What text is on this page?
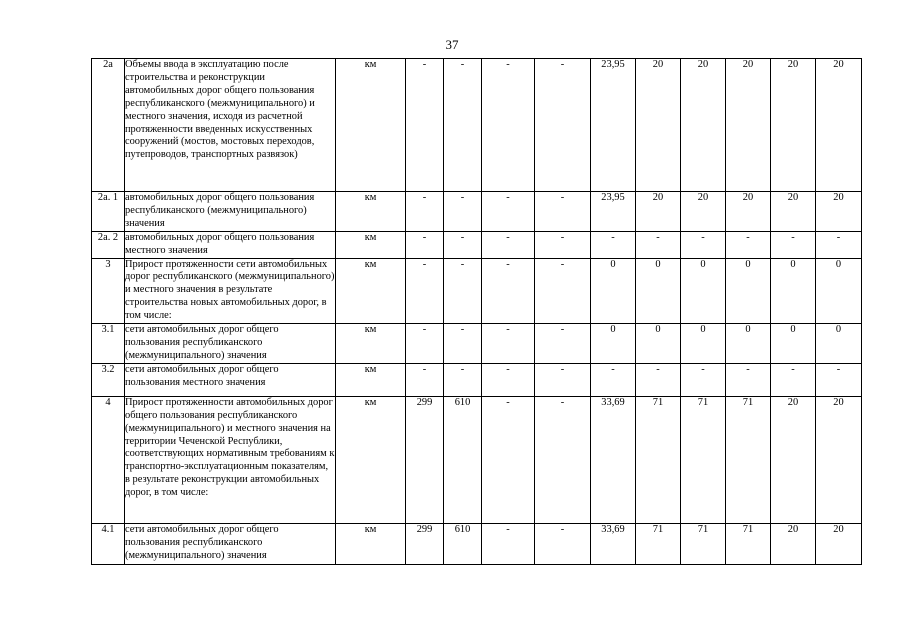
37
2а	Объемы ввода в эксплуатацию после строительства и реконструкции автомобильных дорог общего пользования республиканского (межмуниципального) и местного значения, исходя из расчетной протяженности введенных искусственных сооружений (мостов, мостовых переходов, путепроводов, транспортных развязок)	км	-	-	-	-	23,95	20	20	20	20	20
2а. 1	автомобильных дорог общего пользования республиканского (межмуниципального) значения	км	-	-	-	-	23,95	20	20	20	20	20
2а. 2	автомобильных дорог общего пользования местного значения	км	-	-	-	-	-	-	-	-	-	-
3	Прирост протяженности сети автомобильных дорог республиканского (межмуниципального) и местного значения в результате строительства новых автомобильных дорог, в том числе:	км	-	-	-	-	0	0	0	0	0	0
3.1	сети автомобильных дорог общего пользования республиканского (межмуниципального) значения	км	-	-	-	-	0	0	0	0	0	0
3.2	сети автомобильных дорог общего пользования местного значения	км	-	-	-	-	-	-	-	-	-	-
4	Прирост протяженности автомобильных дорог общего пользования республиканского (межмуниципального) и местного значения на территории Чеченской Республики, соответствующих нормативным требованиям к транспортно-эксплуатационным показателям, в результате реконструкции автомобильных дорог, в том числе:	км	299	610	-	-	33,69	71	71	71	20	20
4.1	сети автомобильных дорог общего пользования республиканского (межмуниципального) значения	км	299	610	-	-	33,69	71	71	71	20	20
